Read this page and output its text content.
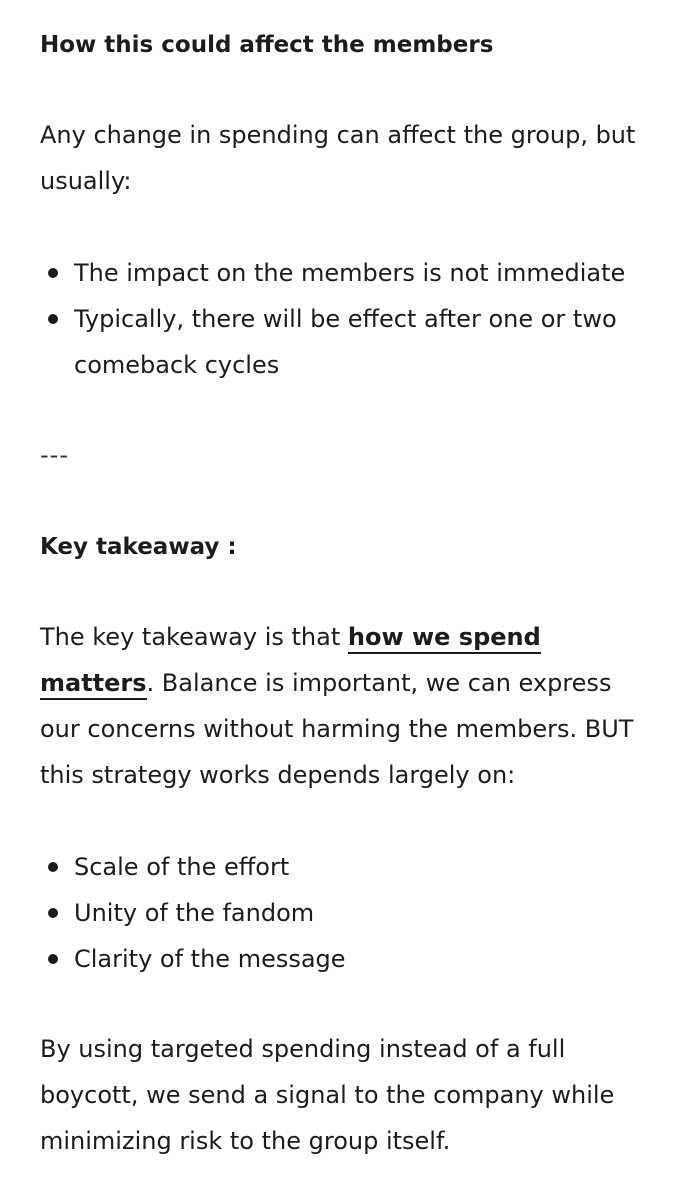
How this could affect the members

Any change in spending can affect the group, but usually:

The impact on the members is not immediate
Typically, there will be effect after one or two comeback cycles

---

Key takeaway :

The key takeaway is that how we spend matters. Balance is important, we can express our concerns without harming the members. BUT this strategy works depends largely on:

Scale of the effort
Unity of the fandom
Clarity of the message

By using targeted spending instead of a full boycott, we send a signal to the company while minimizing risk to the group itself.
